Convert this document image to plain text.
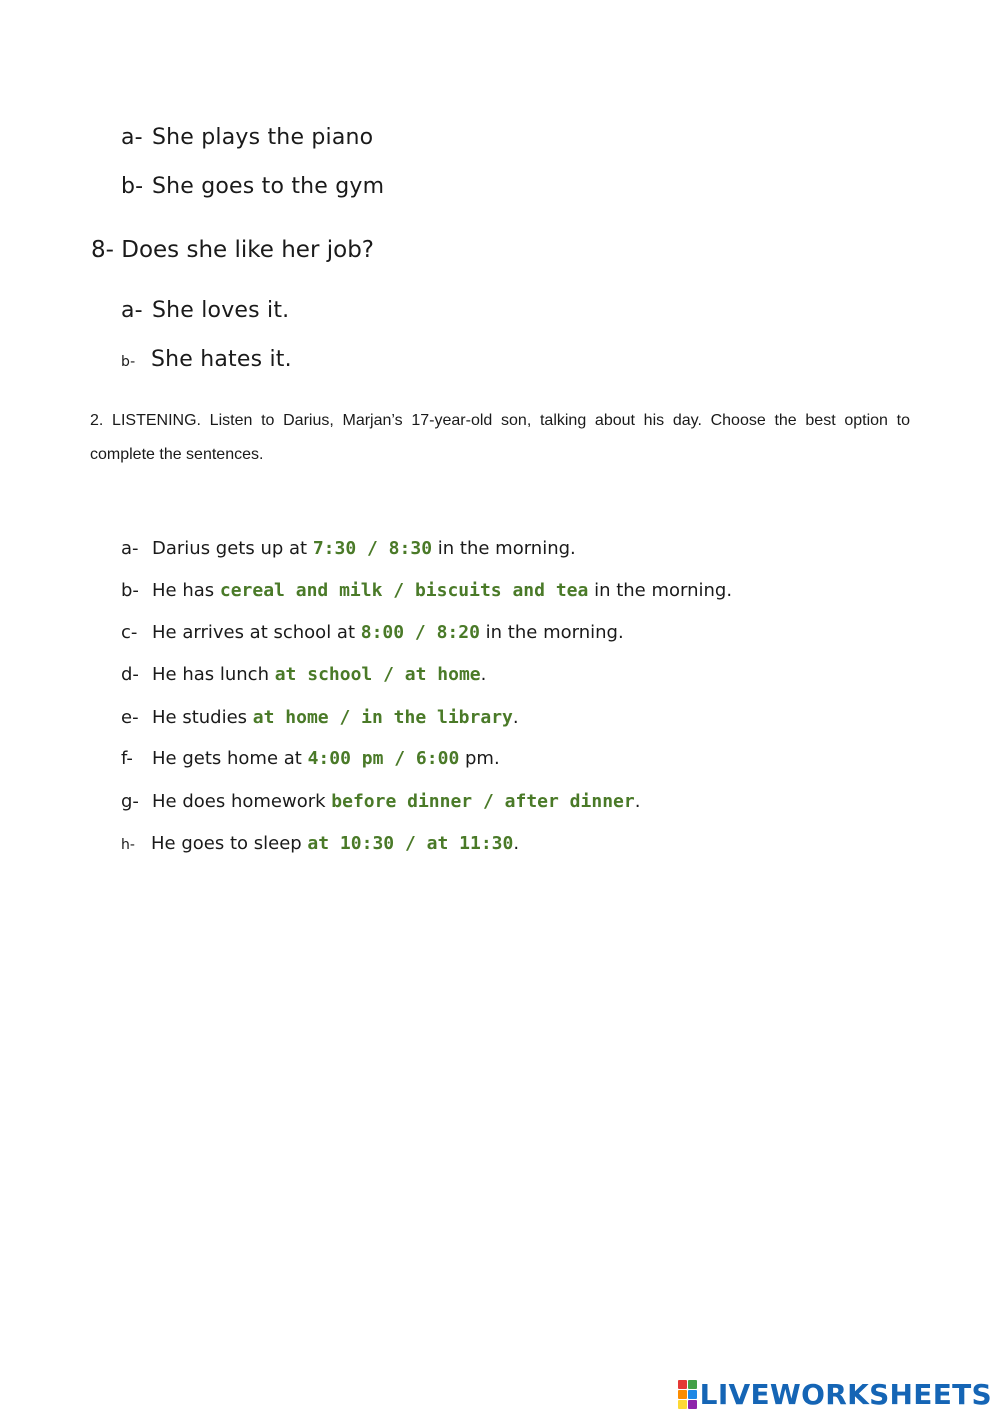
a- She plays the piano
b- She goes to the gym
8- Does she like her job?
a- She loves it.
b- She hates it.
2. LISTENING. Listen to Darius, Marjan’s 17-year-old son, talking about his day. Choose the best option to complete the sentences.
a- Darius gets up at 7:30 / 8:30 in the morning.
b- He has cereal and milk / biscuits and tea in the morning.
c- He arrives at school at 8:00 / 8:20 in the morning.
d- He has lunch at school / at home.
e- He studies at home / in the library.
f- He gets home at 4:00 pm / 6:00 pm.
g- He does homework before dinner / after dinner.
h- He goes to sleep at 10:30 / at 11:30.
LIVEWORKSHEETS
